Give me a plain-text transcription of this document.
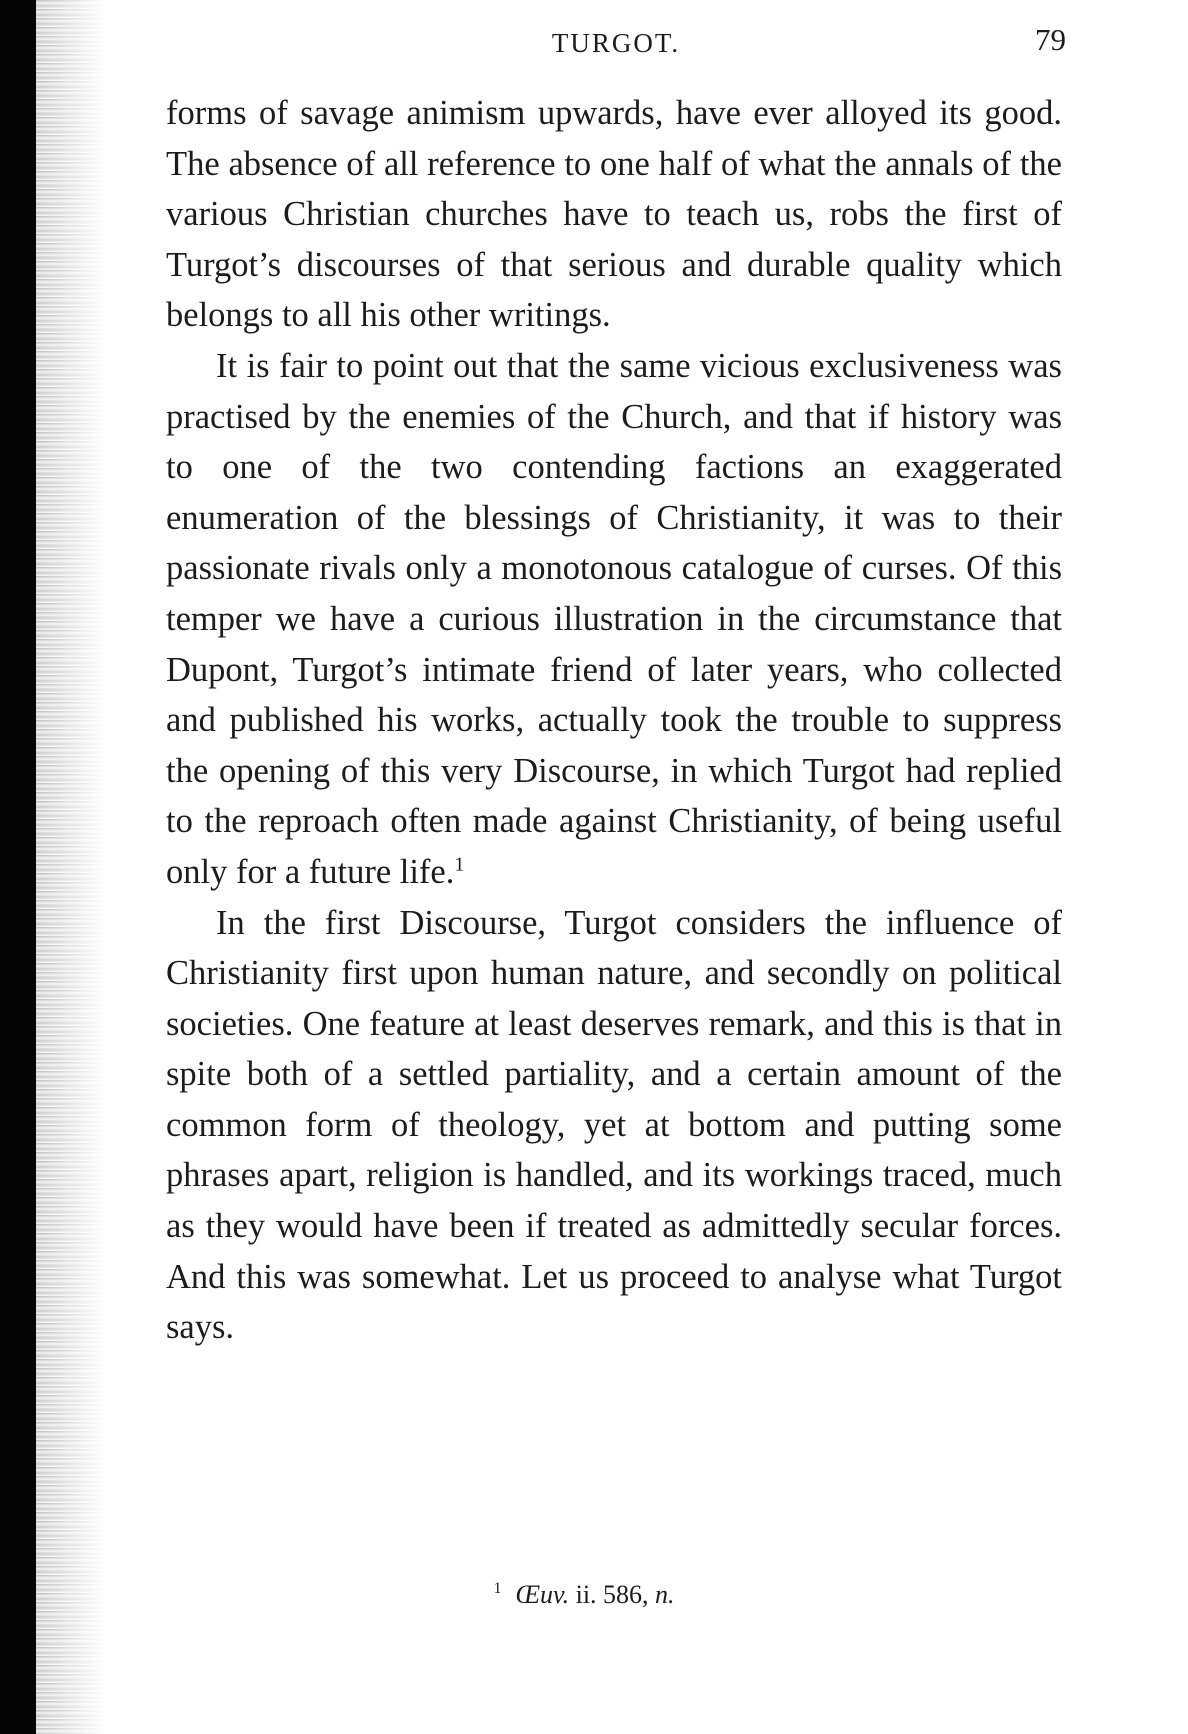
TURGOT.	79

forms of savage animism upwards, have ever alloyed its good. The absence of all reference to one half of what the annals of the various Christian churches have to teach us, robs the first of Turgot’s discourses of that serious and durable quality which belongs to all his other writings.

It is fair to point out that the same vicious exclusiveness was practised by the enemies of the Church, and that if history was to one of the two contending factions an exaggerated enumeration of the blessings of Christianity, it was to their passionate rivals only a monotonous catalogue of curses. Of this temper we have a curious illustration in the circumstance that Dupont, Turgot’s intimate friend of later years, who collected and published his works, actually took the trouble to suppress the opening of this very Discourse, in which Turgot had replied to the reproach often made against Christianity, of being useful only for a future life.$^1$

In the first Discourse, Turgot considers the influence of Christianity first upon human nature, and secondly on political societies. One feature at least deserves remark, and this is that in spite both of a settled partiality, and a certain amount of the common form of theology, yet at bottom and putting some phrases apart, religion is handled, and its workings traced, much as they would have been if treated as admittedly secular forces. And this was somewhat. Let us proceed to analyse what Turgot says.

$^1$ Œuv. ii. 586, n.
